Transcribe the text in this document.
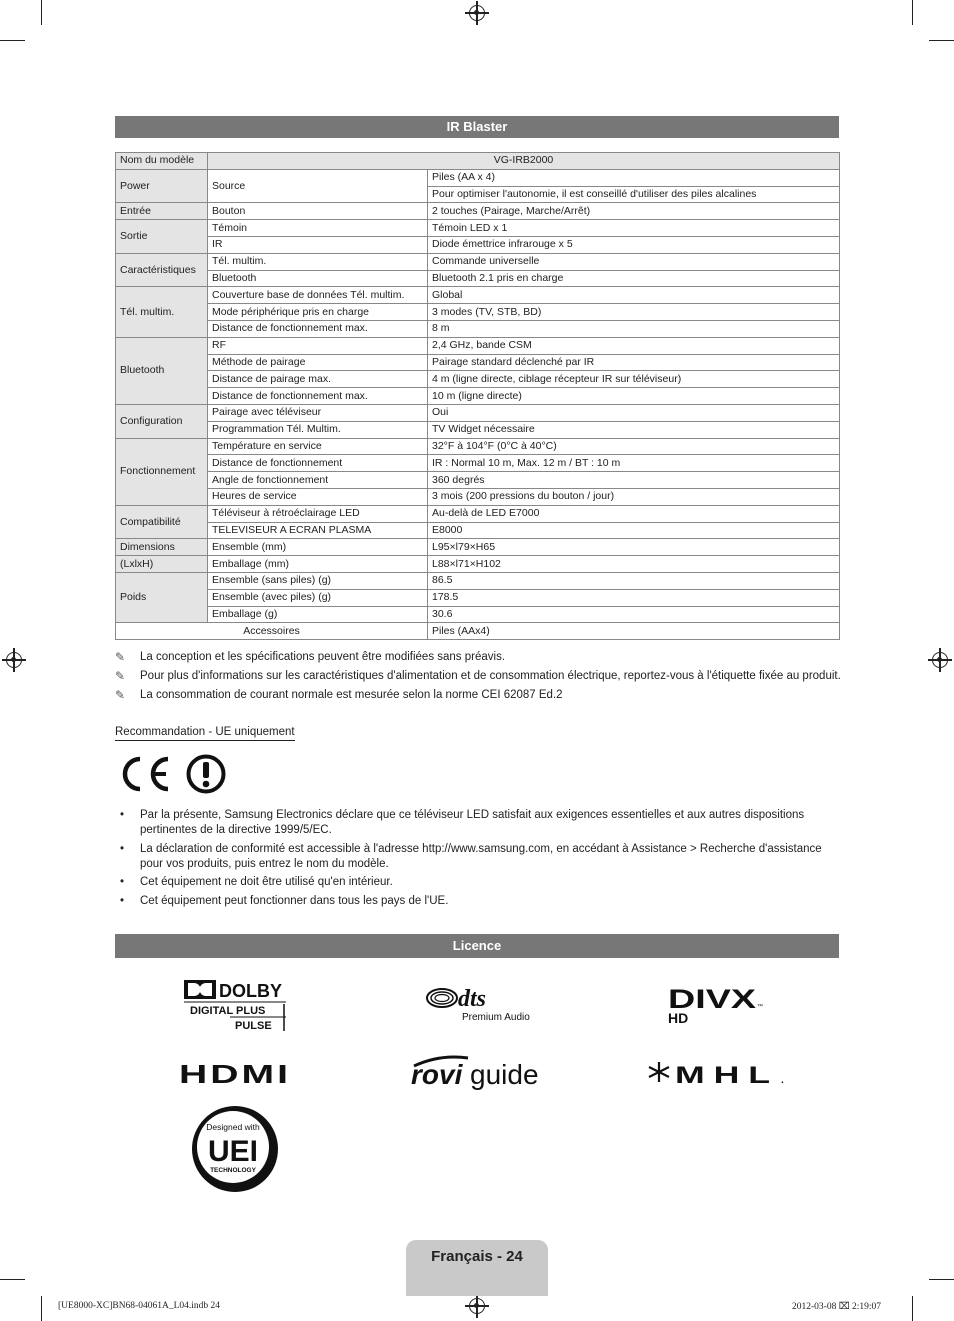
IR Blaster
Nom du modèle	VG-IRB2000	
Power	Source	Piles (AA x 4)
		Pour optimiser l'autonomie, il est conseillé d'utiliser des piles alcalines
Entrée	Bouton	2 touches (Pairage, Marche/Arrêt)
Sortie	Témoin	Témoin LED x 1
	IR	Diode émettrice infrarouge x 5
Caractéristiques	Tél. multim.	Commande universelle
	Bluetooth	Bluetooth 2.1 pris en charge
Tél. multim.	Couverture base de données Tél. multim.	Global
	Mode périphérique pris en charge	3 modes (TV, STB, BD)
	Distance de fonctionnement max.	8 m
Bluetooth	RF	2,4 GHz, bande CSM
	Méthode de pairage	Pairage standard déclenché par IR
	Distance de pairage max.	4 m (ligne directe, ciblage récepteur IR sur téléviseur)
	Distance de fonctionnement max.	10 m (ligne directe)
Configuration	Pairage avec téléviseur	Oui
	Programmation Tél. Multim.	TV Widget nécessaire
Fonctionnement	Température en service	32°F à 104°F (0°C à 40°C)
	Distance de fonctionnement	IR : Normal 10 m, Max. 12 m / BT : 10 m
	Angle de fonctionnement	360 degrés
	Heures de service	3 mois (200 pressions du bouton / jour)
Compatibilité	Téléviseur à rétroéclairage LED	Au-delà de LED E7000
	TELEVISEUR A ECRAN PLASMA	E8000
Dimensions	Ensemble (mm)	L95×l79×H65
(LxlxH)	Emballage (mm)	L88×l71×H102
Poids	Ensemble (sans piles) (g)	86.5
	Ensemble (avec piles) (g)	178.5
	Emballage (g)	30.6
Accessoires		Piles (AAx4)
✎ La conception et les spécifications peuvent être modifiées sans préavis.
✎ Pour plus d'informations sur les caractéristiques d'alimentation et de consommation électrique, reportez-vous à l'étiquette fixée au produit.
✎ La consommation de courant normale est mesurée selon la norme CEI 62087 Ed.2
Recommandation - UE uniquement
• Par la présente, Samsung Electronics déclare que ce téléviseur LED satisfait aux exigences essentielles et aux autres dispositions pertinentes de la directive 1999/5/EC.
• La déclaration de conformité est accessible à l'adresse http://www.samsung.com, en accédant à Assistance > Recherche d'assistance pour vos produits, puis entrez le nom du modèle.
• Cet équipement ne doit être utilisé qu'en intérieur.
• Cet équipement peut fonctionner dans tous les pays de l'UE.
Licence
DOLBY
DIGITAL PLUS
PULSE
dts
Premium Audio
DIVX ™
HD
HDMI	rovi guide	MHL .
Designed with
UEI
TECHNOLOGY
Français - 24
[UE8000-XC]BN68-04061A_L04.indb 24	2012-03-08 ⌧ 2:19:07
